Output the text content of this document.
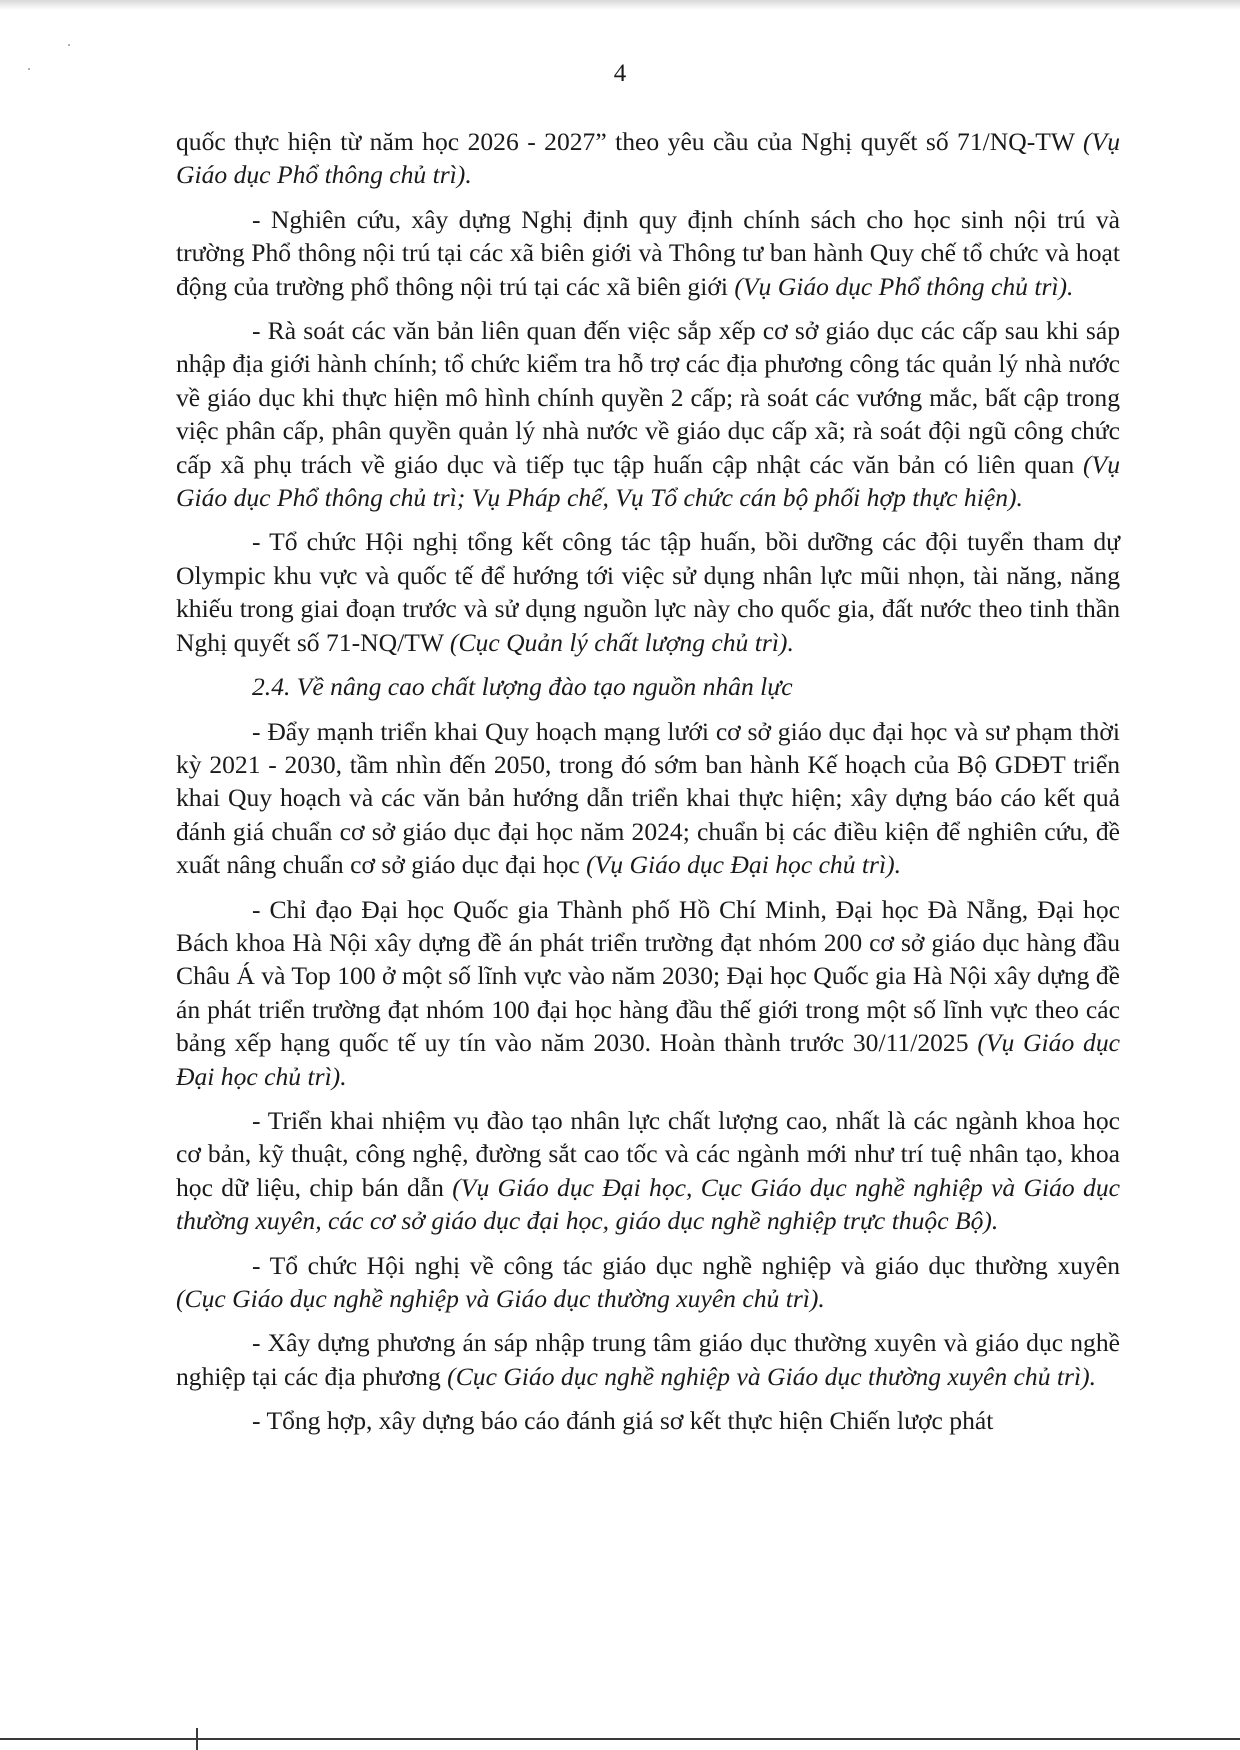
4

quốc thực hiện từ năm học 2026 - 2027” theo yêu cầu của Nghị quyết số 71/NQ-TW (Vụ Giáo dục Phổ thông chủ trì).

- Nghiên cứu, xây dựng Nghị định quy định chính sách cho học sinh nội trú và trường Phổ thông nội trú tại các xã biên giới và Thông tư ban hành Quy chế tổ chức và hoạt động của trường phổ thông nội trú tại các xã biên giới (Vụ Giáo dục Phổ thông chủ trì).

- Rà soát các văn bản liên quan đến việc sắp xếp cơ sở giáo dục các cấp sau khi sáp nhập địa giới hành chính; tổ chức kiểm tra hỗ trợ các địa phương công tác quản lý nhà nước về giáo dục khi thực hiện mô hình chính quyền 2 cấp; rà soát các vướng mắc, bất cập trong việc phân cấp, phân quyền quản lý nhà nước về giáo dục cấp xã; rà soát đội ngũ công chức cấp xã phụ trách về giáo dục và tiếp tục tập huấn cập nhật các văn bản có liên quan (Vụ Giáo dục Phổ thông chủ trì; Vụ Pháp chế, Vụ Tổ chức cán bộ phối hợp thực hiện).

- Tổ chức Hội nghị tổng kết công tác tập huấn, bồi dưỡng các đội tuyển tham dự Olympic khu vực và quốc tế để hướng tới việc sử dụng nhân lực mũi nhọn, tài năng, năng khiếu trong giai đoạn trước và sử dụng nguồn lực này cho quốc gia, đất nước theo tinh thần Nghị quyết số 71-NQ/TW (Cục Quản lý chất lượng chủ trì).

2.4. Về nâng cao chất lượng đào tạo nguồn nhân lực

- Đẩy mạnh triển khai Quy hoạch mạng lưới cơ sở giáo dục đại học và sư phạm thời kỳ 2021 - 2030, tầm nhìn đến 2050, trong đó sớm ban hành Kế hoạch của Bộ GDĐT triển khai Quy hoạch và các văn bản hướng dẫn triển khai thực hiện; xây dựng báo cáo kết quả đánh giá chuẩn cơ sở giáo dục đại học năm 2024; chuẩn bị các điều kiện để nghiên cứu, đề xuất nâng chuẩn cơ sở giáo dục đại học (Vụ Giáo dục Đại học chủ trì).

- Chỉ đạo Đại học Quốc gia Thành phố Hồ Chí Minh, Đại học Đà Nẵng, Đại học Bách khoa Hà Nội xây dựng đề án phát triển trường đạt nhóm 200 cơ sở giáo dục hàng đầu Châu Á và Top 100 ở một số lĩnh vực vào năm 2030; Đại học Quốc gia Hà Nội xây dựng đề án phát triển trường đạt nhóm 100 đại học hàng đầu thế giới trong một số lĩnh vực theo các bảng xếp hạng quốc tế uy tín vào năm 2030. Hoàn thành trước 30/11/2025 (Vụ Giáo dục Đại học chủ trì).

- Triển khai nhiệm vụ đào tạo nhân lực chất lượng cao, nhất là các ngành khoa học cơ bản, kỹ thuật, công nghệ, đường sắt cao tốc và các ngành mới như trí tuệ nhân tạo, khoa học dữ liệu, chip bán dẫn (Vụ Giáo dục Đại học, Cục Giáo dục nghề nghiệp và Giáo dục thường xuyên, các cơ sở giáo dục đại học, giáo dục nghề nghiệp trực thuộc Bộ).

- Tổ chức Hội nghị về công tác giáo dục nghề nghiệp và giáo dục thường xuyên (Cục Giáo dục nghề nghiệp và Giáo dục thường xuyên chủ trì).

- Xây dựng phương án sáp nhập trung tâm giáo dục thường xuyên và giáo dục nghề nghiệp tại các địa phương (Cục Giáo dục nghề nghiệp và Giáo dục thường xuyên chủ trì).

- Tổng hợp, xây dựng báo cáo đánh giá sơ kết thực hiện Chiến lược phát
